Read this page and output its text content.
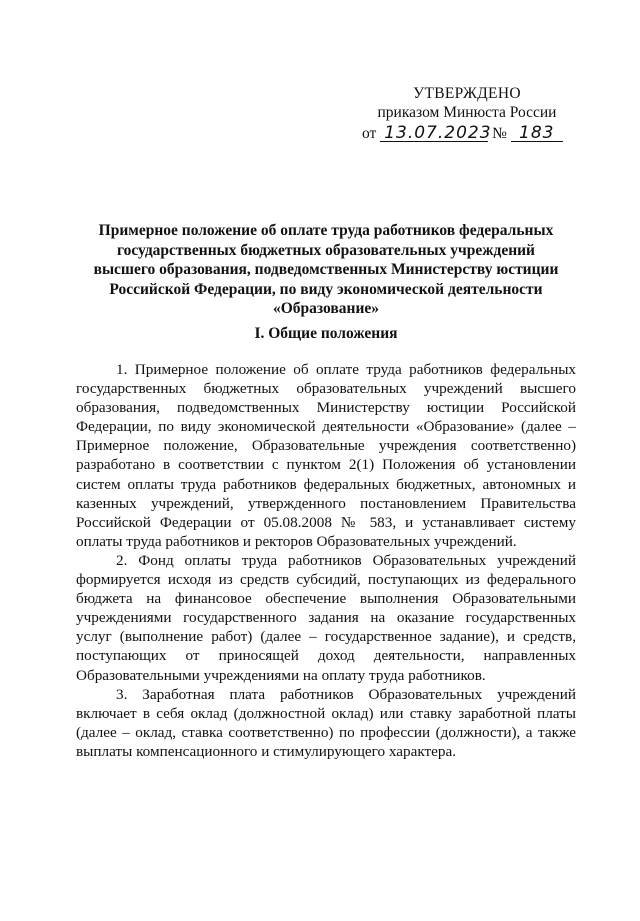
УТВЕРЖДЕНО
приказом Минюста России
от 13.07.2023 № 183
Примерное положение об оплате труда работников федеральных
государственных бюджетных образовательных учреждений
высшего образования, подведомственных Министерству юстиции
Российской Федерации, по виду экономической деятельности
«Образование»
I. Общие положения

1. Примерное положение об оплате труда работников федеральных государственных бюджетных образовательных учреждений высшего образования, подведомственных Министерству юстиции Российской Федерации, по виду экономической деятельности «Образование» (далее – Примерное положение, Образовательные учреждения соответственно) разработано в соответствии с пунктом 2(1) Положения об установлении систем оплаты труда работников федеральных бюджетных, автономных и казенных учреждений, утвержденного постановлением Правительства Российской Федерации от 05.08.2008 № 583, и устанавливает систему оплаты труда работников и ректоров Образовательных учреждений.

2. Фонд оплаты труда работников Образовательных учреждений формируется исходя из средств субсидий, поступающих из федерального бюджета на финансовое обеспечение выполнения Образовательными учреждениями государственного задания на оказание государственных услуг (выполнение работ) (далее – государственное задание), и средств, поступающих от приносящей доход деятельности, направленных Образовательными учреждениями на оплату труда работников.

3. Заработная плата работников Образовательных учреждений включает в себя оклад (должностной оклад) или ставку заработной платы (далее – оклад, ставка соответственно) по профессии (должности), а также выплаты компенсационного и стимулирующего характера.
